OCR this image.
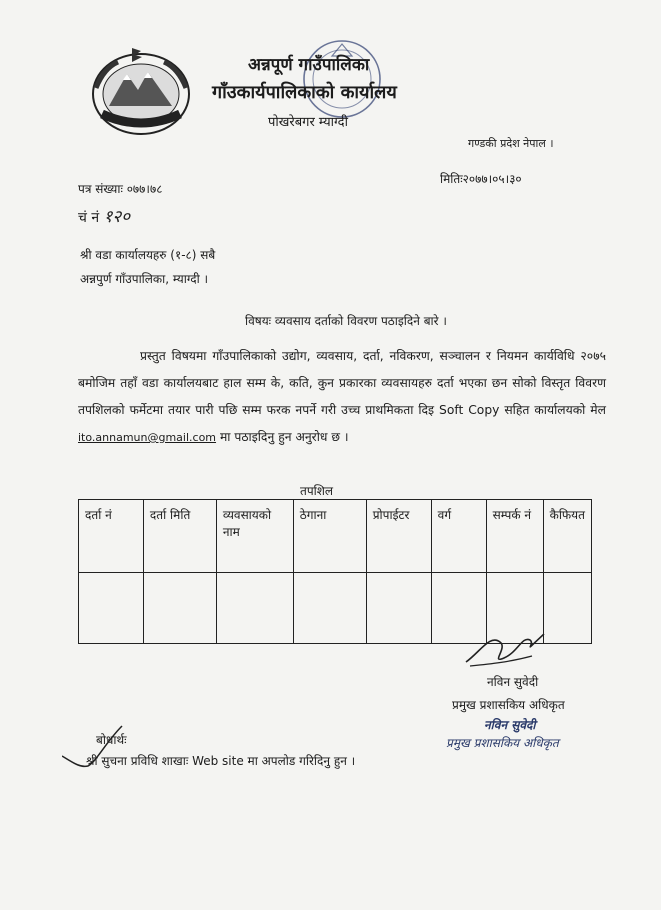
अन्नपूर्ण गाउँपालिका
गाँउकार्यपालिकाको कार्यालय
पोखरेबगर म्याग्दी
गण्डकी प्रदेश नेपाल ।
मितिः२०७७।०५।३०
पत्र संख्याः ०७७।७८
चं नं १२०
श्री वडा कार्यालयहरु (१-८) सबै
अन्नपुर्ण गाँउपालिका, म्याग्दी ।
विषयः व्यवसाय दर्ताको विवरण पठाइदिने बारे ।
प्रस्तुत विषयमा गाँउपालिकाको उद्योग, व्यवसाय, दर्ता, नविकरण, सञ्चालन र नियमन कार्यविधि २०७५ बमोजिम तहाँ वडा कार्यालयबाट हाल सम्म के, कति, कुन प्रकारका व्यवसायहरु दर्ता भएका छन सोको विस्तृत विवरण तपशिलको फर्मेटमा तयार पारी पछि सम्म फरक नपर्ने गरी उच्च प्राथमिकता दिइ Soft Copy सहित कार्यालयको मेल ito.annamun@gmail.com मा पठाइदिनु हुन अनुरोध छ ।
तपशिल
दर्ता नं	दर्ता मिति	व्यवसायको नाम	ठेगाना	प्रोपाईटर	वर्ग	सम्पर्क नं	कैफियत

नविन सुवेदी
प्रमुख प्रशासकिय अधिकृत
नविन सुवेदी
प्रमुख प्रशासकिय अधिकृत
बोधार्थः
श्री सुचना प्रविधि शाखाः Web site मा अपलोड गरिदिनु हुन ।
